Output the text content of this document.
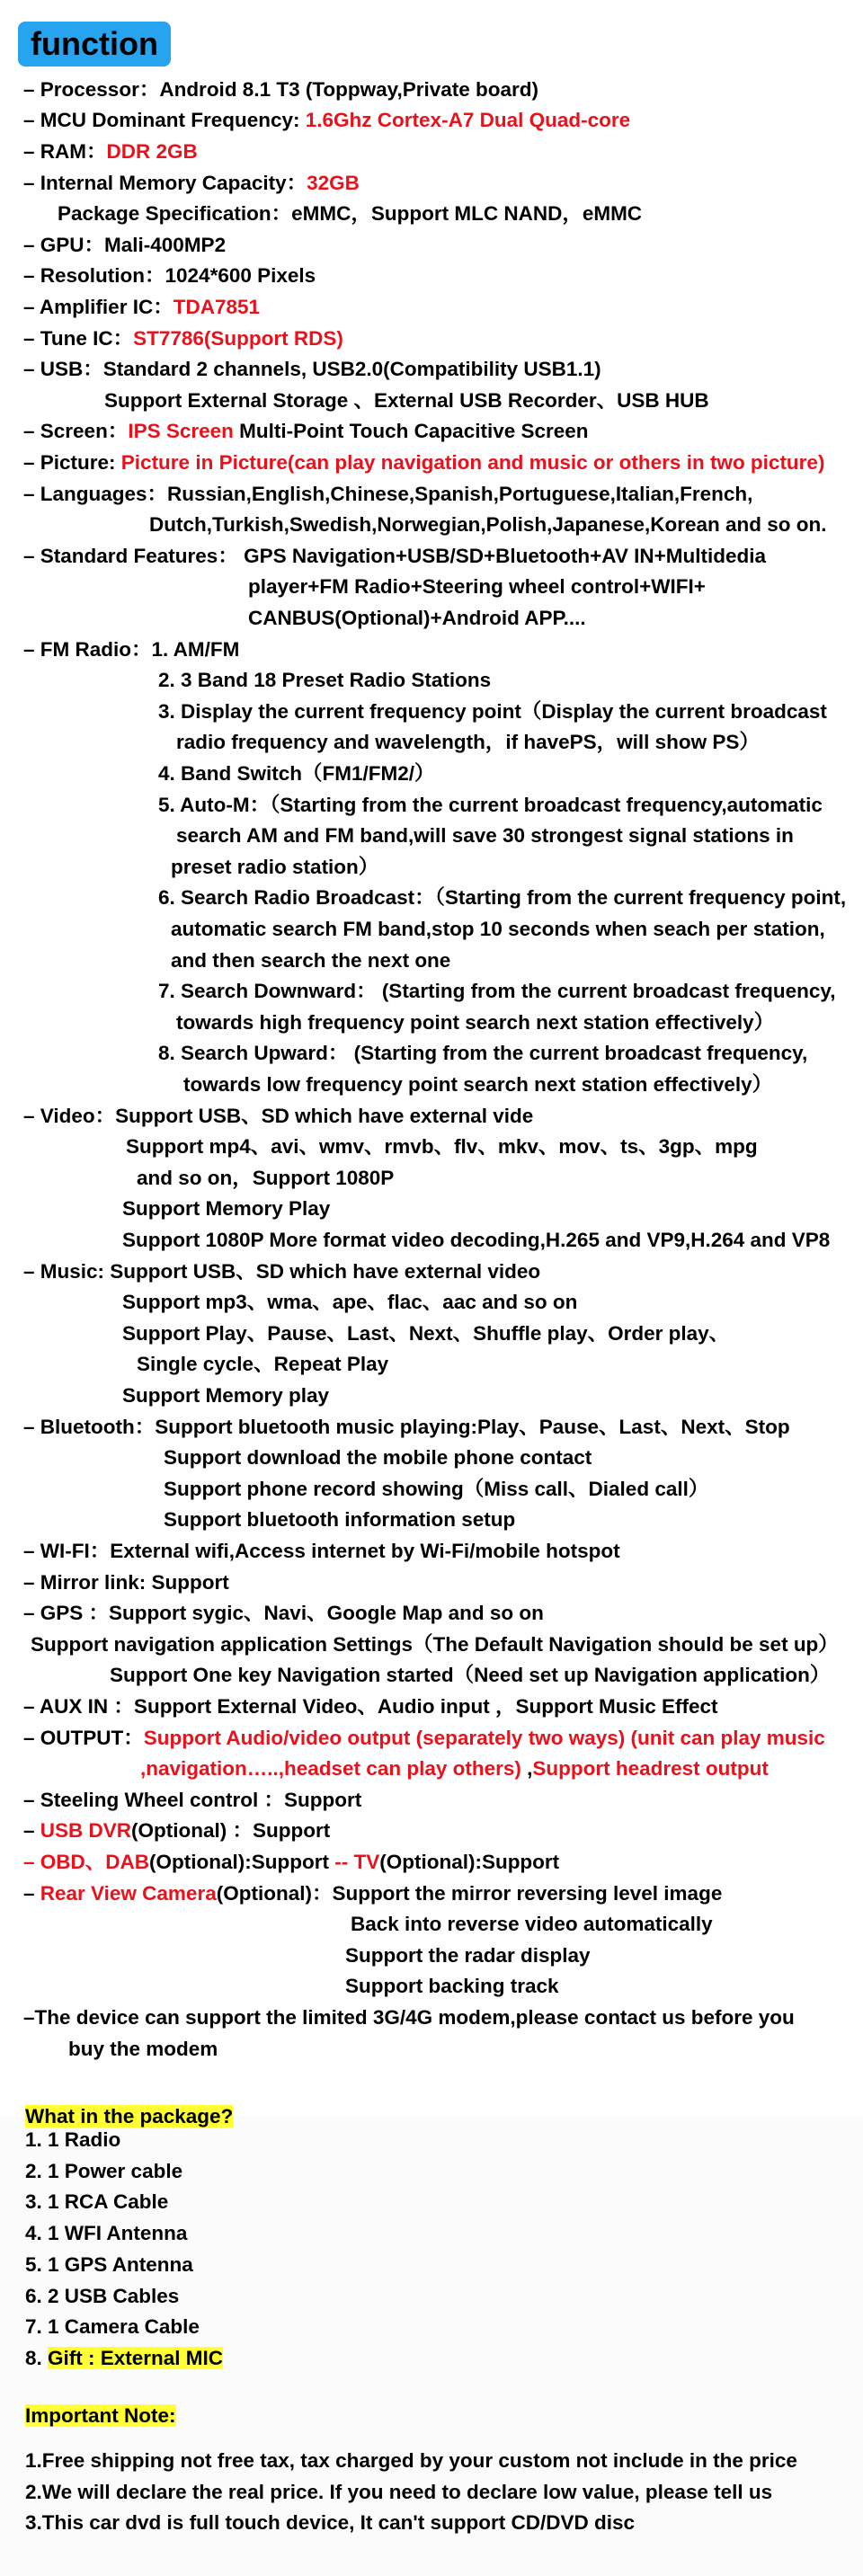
function
– Processor：Android 8.1 T3 (Toppway,Private board)
– MCU Dominant Frequency: 1.6Ghz Cortex-A7 Dual Quad-core
– RAM：DDR 2GB
– Internal Memory Capacity：32GB
Package Specification：eMMC，Support MLC NAND，eMMC
– GPU：Mali-400MP2
– Resolution：1024*600 Pixels
– Amplifier IC：TDA7851
– Tune IC：ST7786(Support RDS)
– USB：Standard 2 channels, USB2.0(Compatibility USB1.1)
Support External Storage 、External USB Recorder、USB HUB
– Screen：IPS Screen Multi-Point Touch Capacitive Screen
– Picture: Picture in Picture(can play navigation and music or others in two picture)
– Languages：Russian,English,Chinese,Spanish,Portuguese,Italian,French,
Dutch,Turkish,Swedish,Norwegian,Polish,Japanese,Korean and so on.
– Standard Features： GPS Navigation+USB/SD+Bluetooth+AV IN+Multidedia
player+FM Radio+Steering wheel control+WIFI+
CANBUS(Optional)+Android APP....
– FM Radio：1. AM/FM
2. 3 Band 18 Preset Radio Stations
3. Display the current frequency point（Display the current broadcast
radio frequency and wavelength，if havePS，will show PS）
4. Band Switch（FM1/FM2/）
5. Auto-M：（Starting from the current broadcast frequency,automatic
search AM and FM band,will save 30 strongest signal stations in
preset radio station）
6. Search Radio Broadcast：（Starting from the current frequency point,
automatic search FM band,stop 10 seconds when seach per station,
and then search the next one
7. Search Downward： (Starting from the current broadcast frequency,
towards high frequency point search next station effectively）
8. Search Upward： (Starting from the current broadcast frequency,
towards low frequency point search next station effectively）
– Video：Support USB、SD which have external vide
Support mp4、avi、wmv、rmvb、flv、mkv、mov、ts、3gp、mpg
and so on，Support 1080P
Support Memory Play
Support 1080P More format video decoding,H.265 and VP9,H.264 and VP8
– Music: Support USB、SD which have external video
Support mp3、wma、ape、flac、aac and so on
Support Play、Pause、Last、Next、Shuffle play、Order play、
Single cycle、Repeat Play
Support Memory play
– Bluetooth：Support bluetooth music playing:Play、Pause、Last、Next、Stop
Support download the mobile phone contact
Support phone record showing（Miss call、Dialed call）
Support bluetooth information setup
– WI-FI：External wifi,Access internet by Wi-Fi/mobile hotspot
– Mirror link: Support
– GPS ：Support sygic、Navi、Google Map and so on
Support navigation application Settings（The Default Navigation should be set up）
Support One key Navigation started（Need set up Navigation application）
– AUX IN ：Support External Video、Audio input ，Support Music Effect
– OUTPUT：Support Audio/video output (separately two ways) (unit can play music
,navigation…..,headset can play others) ,Support headrest output
– Steeling Wheel control ：Support
– USB DVR(Optional) ：Support
– OBD、DAB(Optional):Support -- TV(Optional):Support
– Rear View Camera(Optional)：Support the mirror reversing level image
Back into reverse video automatically
Support the radar display
Support backing track
–The device can support the limited 3G/4G modem,please contact us before you
buy the modem
What in the package?
1. 1 Radio
2. 1 Power cable
3. 1 RCA Cable
4. 1 WFI Antenna
5. 1 GPS Antenna
6. 2 USB Cables
7. 1 Camera Cable
8. Gift : External MIC
Important Note:
1.Free shipping not free tax, tax charged by your custom not include in the price
2.We will declare the real price. If you need to declare low value, please tell us
3.This car dvd is full touch device, It can't support CD/DVD disc
